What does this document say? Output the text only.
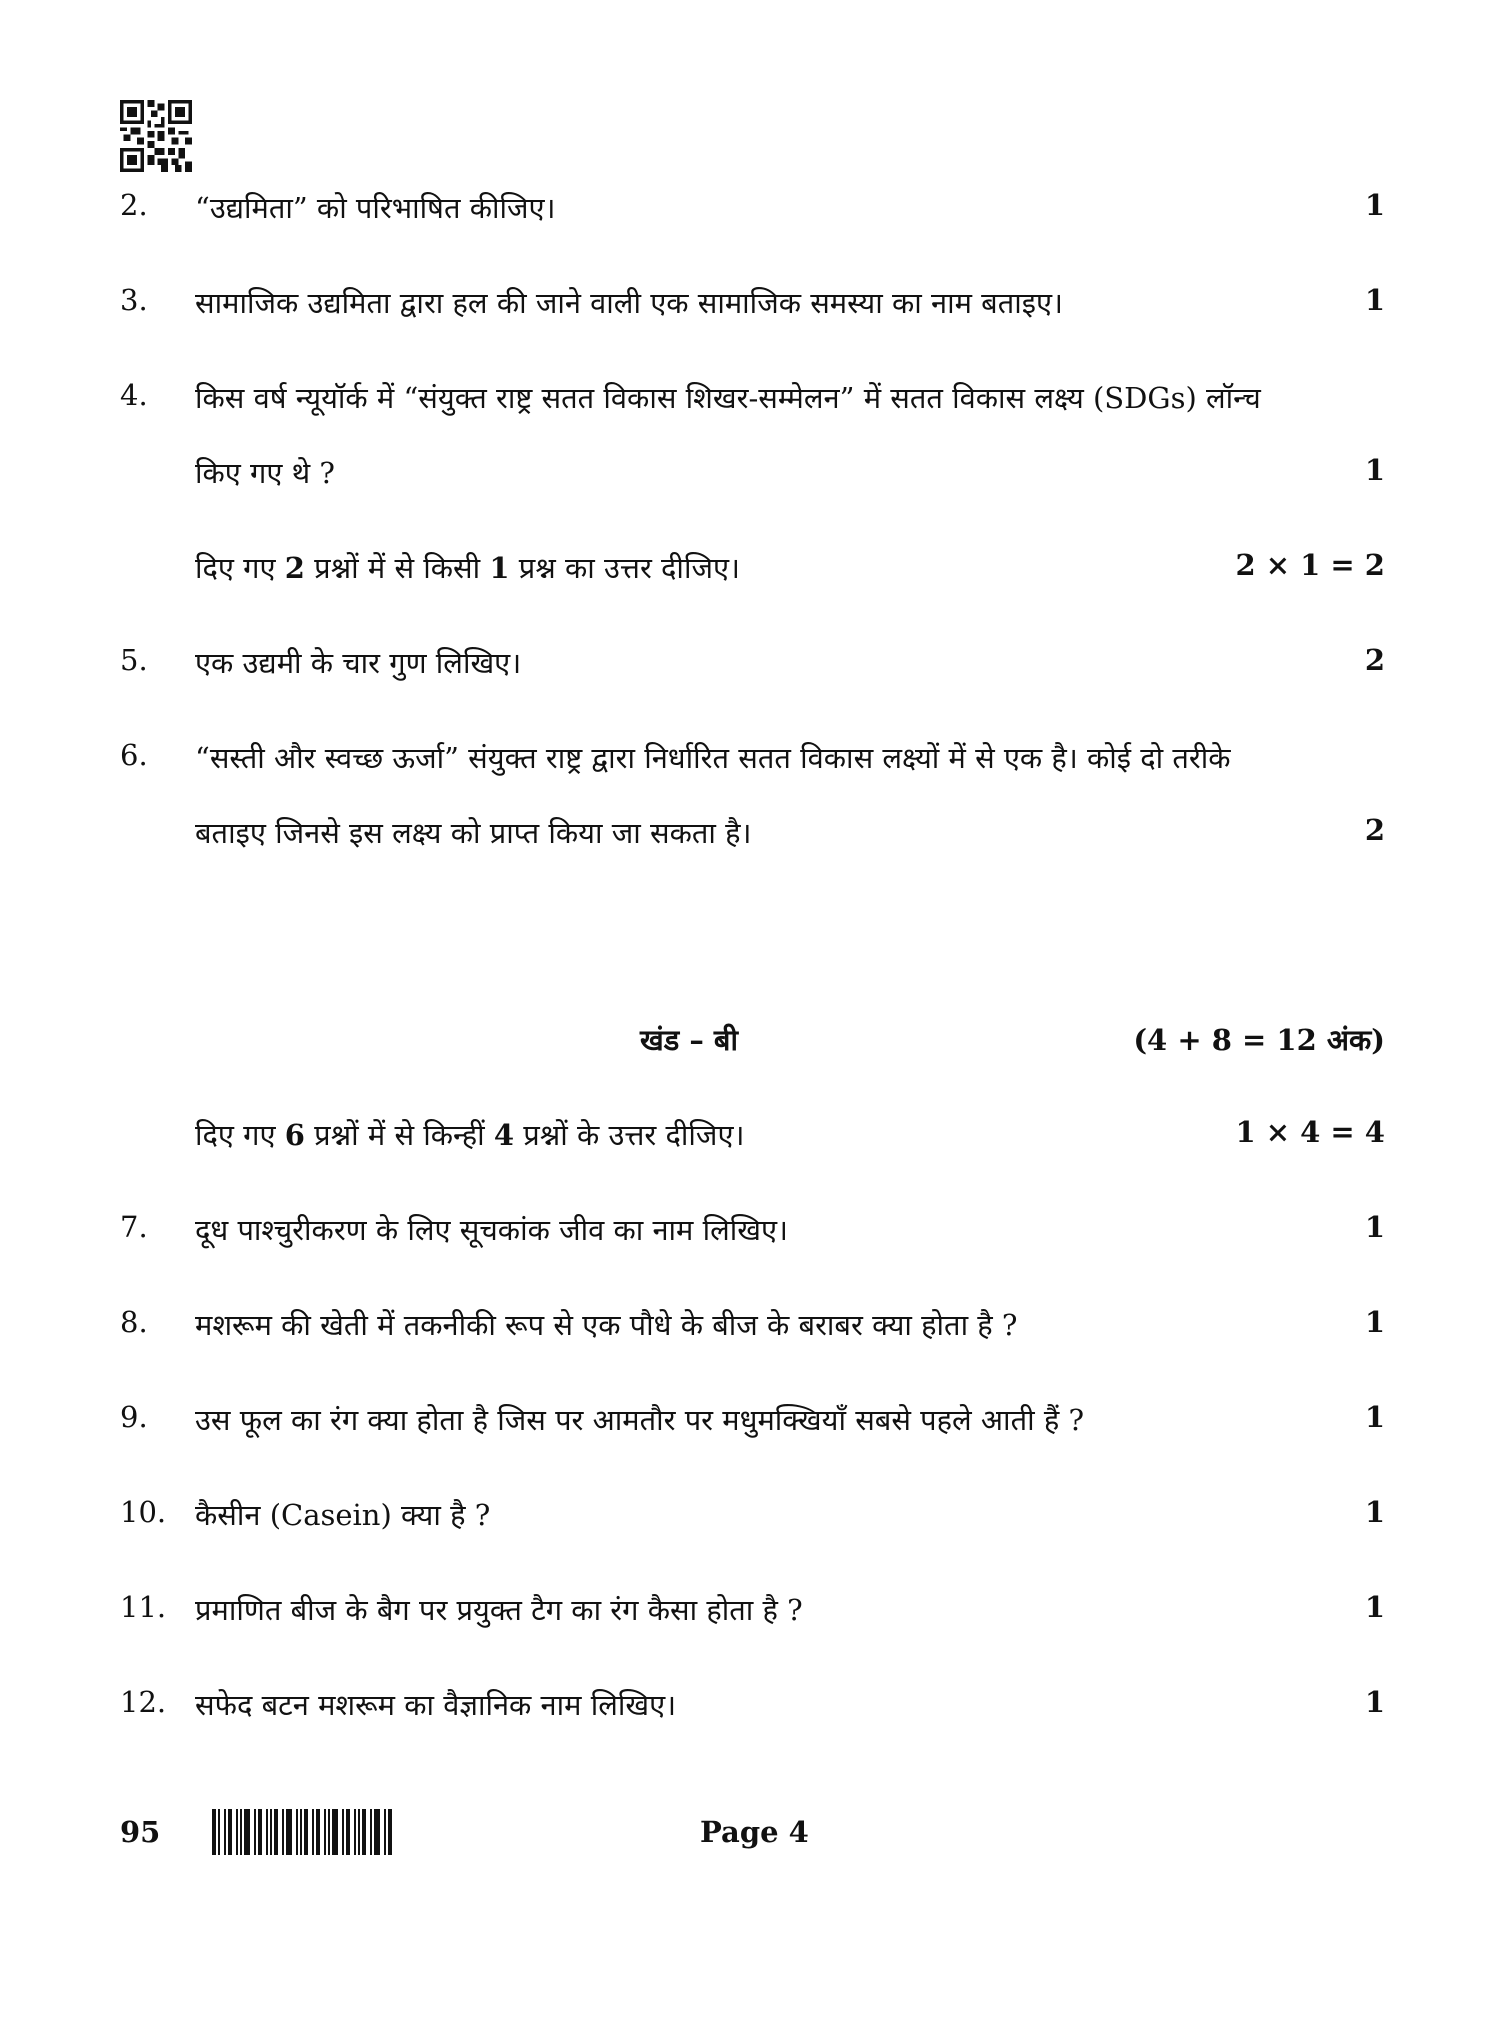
2. “उद्यमिता” को परिभाषित कीजिए।	1
3. सामाजिक उद्यमिता द्वारा हल की जाने वाली एक सामाजिक समस्या का नाम बताइए।	1
4. किस वर्ष न्यूयॉर्क में “संयुक्त राष्ट्र सतत विकास शिखर-सम्मेलन” में सतत विकास लक्ष्य (SDGs) लॉन्च
किए गए थे ?	1
दिए गए 2 प्रश्नों में से किसी 1 प्रश्न का उत्तर दीजिए।	2 × 1 = 2
5. एक उद्यमी के चार गुण लिखिए।	2
6. “सस्ती और स्वच्छ ऊर्जा” संयुक्त राष्ट्र द्वारा निर्धारित सतत विकास लक्ष्यों में से एक है। कोई दो तरीके
बताइए जिनसे इस लक्ष्य को प्राप्त किया जा सकता है।	2
खंड – बी	(4 + 8 = 12 अंक)
दिए गए 6 प्रश्नों में से किन्हीं 4 प्रश्नों के उत्तर दीजिए।	1 × 4 = 4
7. दूध पाश्चुरीकरण के लिए सूचकांक जीव का नाम लिखिए।	1
8. मशरूम की खेती में तकनीकी रूप से एक पौधे के बीज के बराबर क्या होता है ?	1
9. उस फूल का रंग क्या होता है जिस पर आमतौर पर मधुमक्खियाँ सबसे पहले आती हैं ?	1
10. कैसीन (Casein) क्या है ?	1
11. प्रमाणित बीज के बैग पर प्रयुक्त टैग का रंग कैसा होता है ?	1
12. सफेद बटन मशरूम का वैज्ञानिक नाम लिखिए।	1
95	Page 4
